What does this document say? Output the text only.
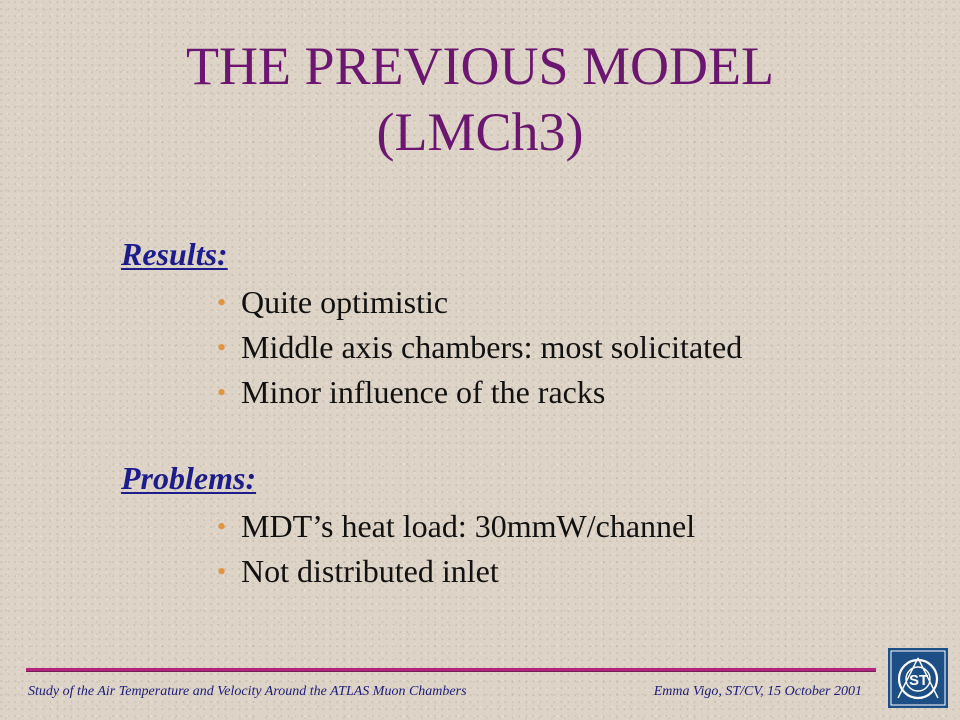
THE PREVIOUS MODEL
(LMCh3)
Results:
• Quite optimistic
• Middle axis chambers: most solicitated
• Minor influence of the racks
Problems:
• MDT’s heat load: 30mmW/channel
• Not distributed inlet
Study of the Air Temperature and Velocity Around the ATLAS Muon Chambers	Emma Vigo, ST/CV, 15 October 2001
ST
